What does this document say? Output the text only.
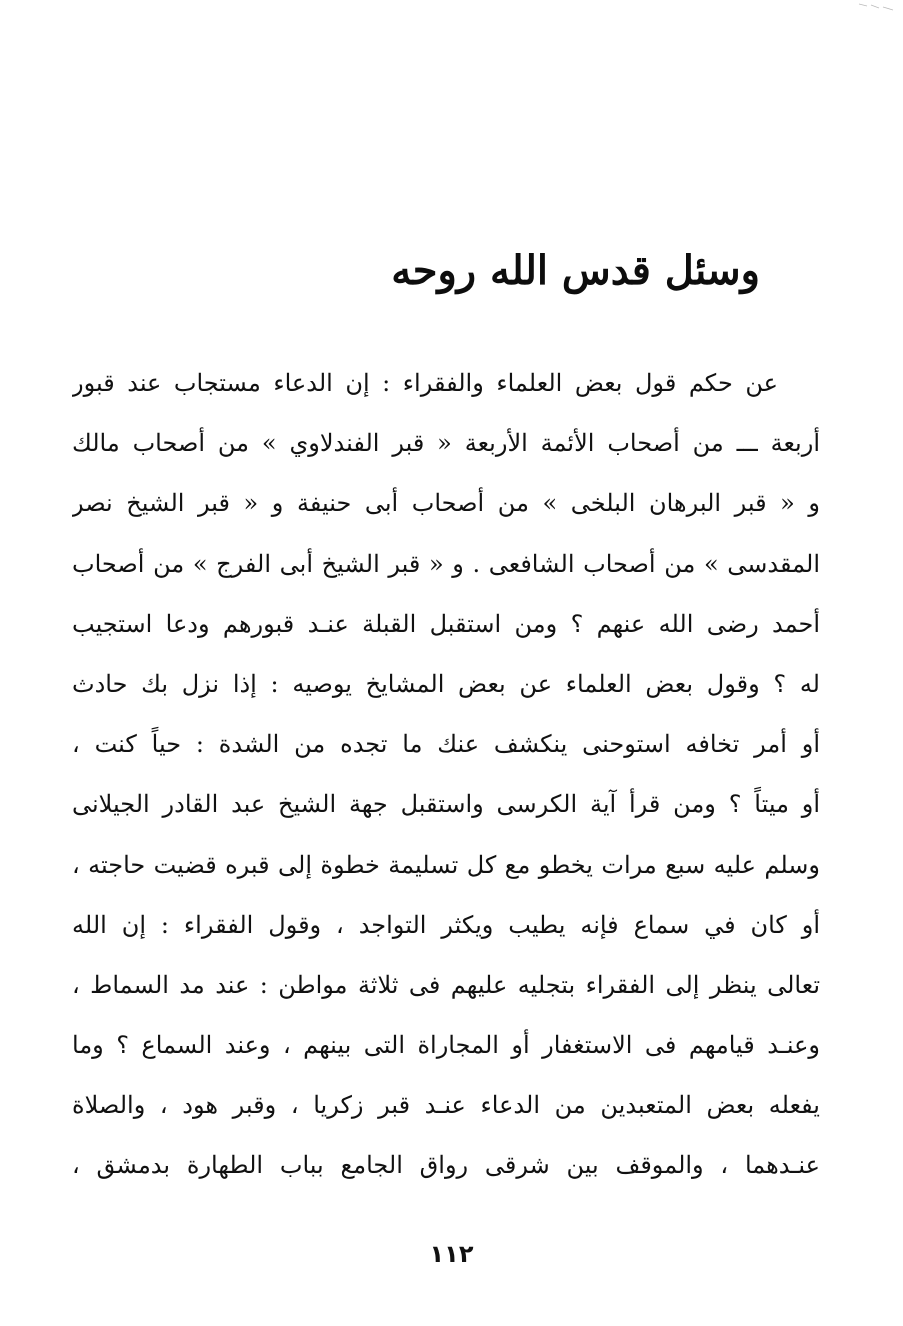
وسئل قدس الله روحه
عن حكم قول بعض العلماء والفقراء : إن الدعاء مستجاب عند قبور
أربعة ـــ من أصحاب الأئمة الأربعة « قبر الفندلاوي » من أصحاب مالك
و « قبر البرهان البلخى » من أصحاب أبى حنيفة و « قبر الشيخ نصر
المقدسى » من أصحاب الشافعى . و « قبر الشيخ أبى الفرج » من أصحاب
أحمد رضى الله عنهم ؟ ومن استقبل القبلة عنـد قبورهم ودعا استجيب
له ؟ وقول بعض العلماء عن بعض المشايخ يوصيه : إذا نزل بك حادث
أو أمر تخافه استوحنى ينكشف عنك ما تجده من الشدة : حياً كنت ،
أو ميتاً ؟ ومن قرأ آية الكرسى واستقبل جهة الشيخ عبد القادر الجيلانى
وسلم عليه سبع مرات يخطو مع كل تسليمة خطوة إلى قبره قضيت حاجته ،
أو كان في سماع فإنه يطيب ويكثر التواجد ، وقول الفقراء : إن الله
تعالى ينظر إلى الفقراء بتجليه عليهم فى ثلاثة مواطن : عند مد السماط ،
وعنـد قيامهم فى الاستغفار أو المجاراة التى بينهم ، وعند السماع ؟ وما
يفعله بعض المتعبدين من الدعاء عنـد قبر زكريا ، وقبر هود ، والصلاة
عنـدهما ، والموقف بين شرقى رواق الجامع بباب الطهارة بدمشق ،
١١٢
